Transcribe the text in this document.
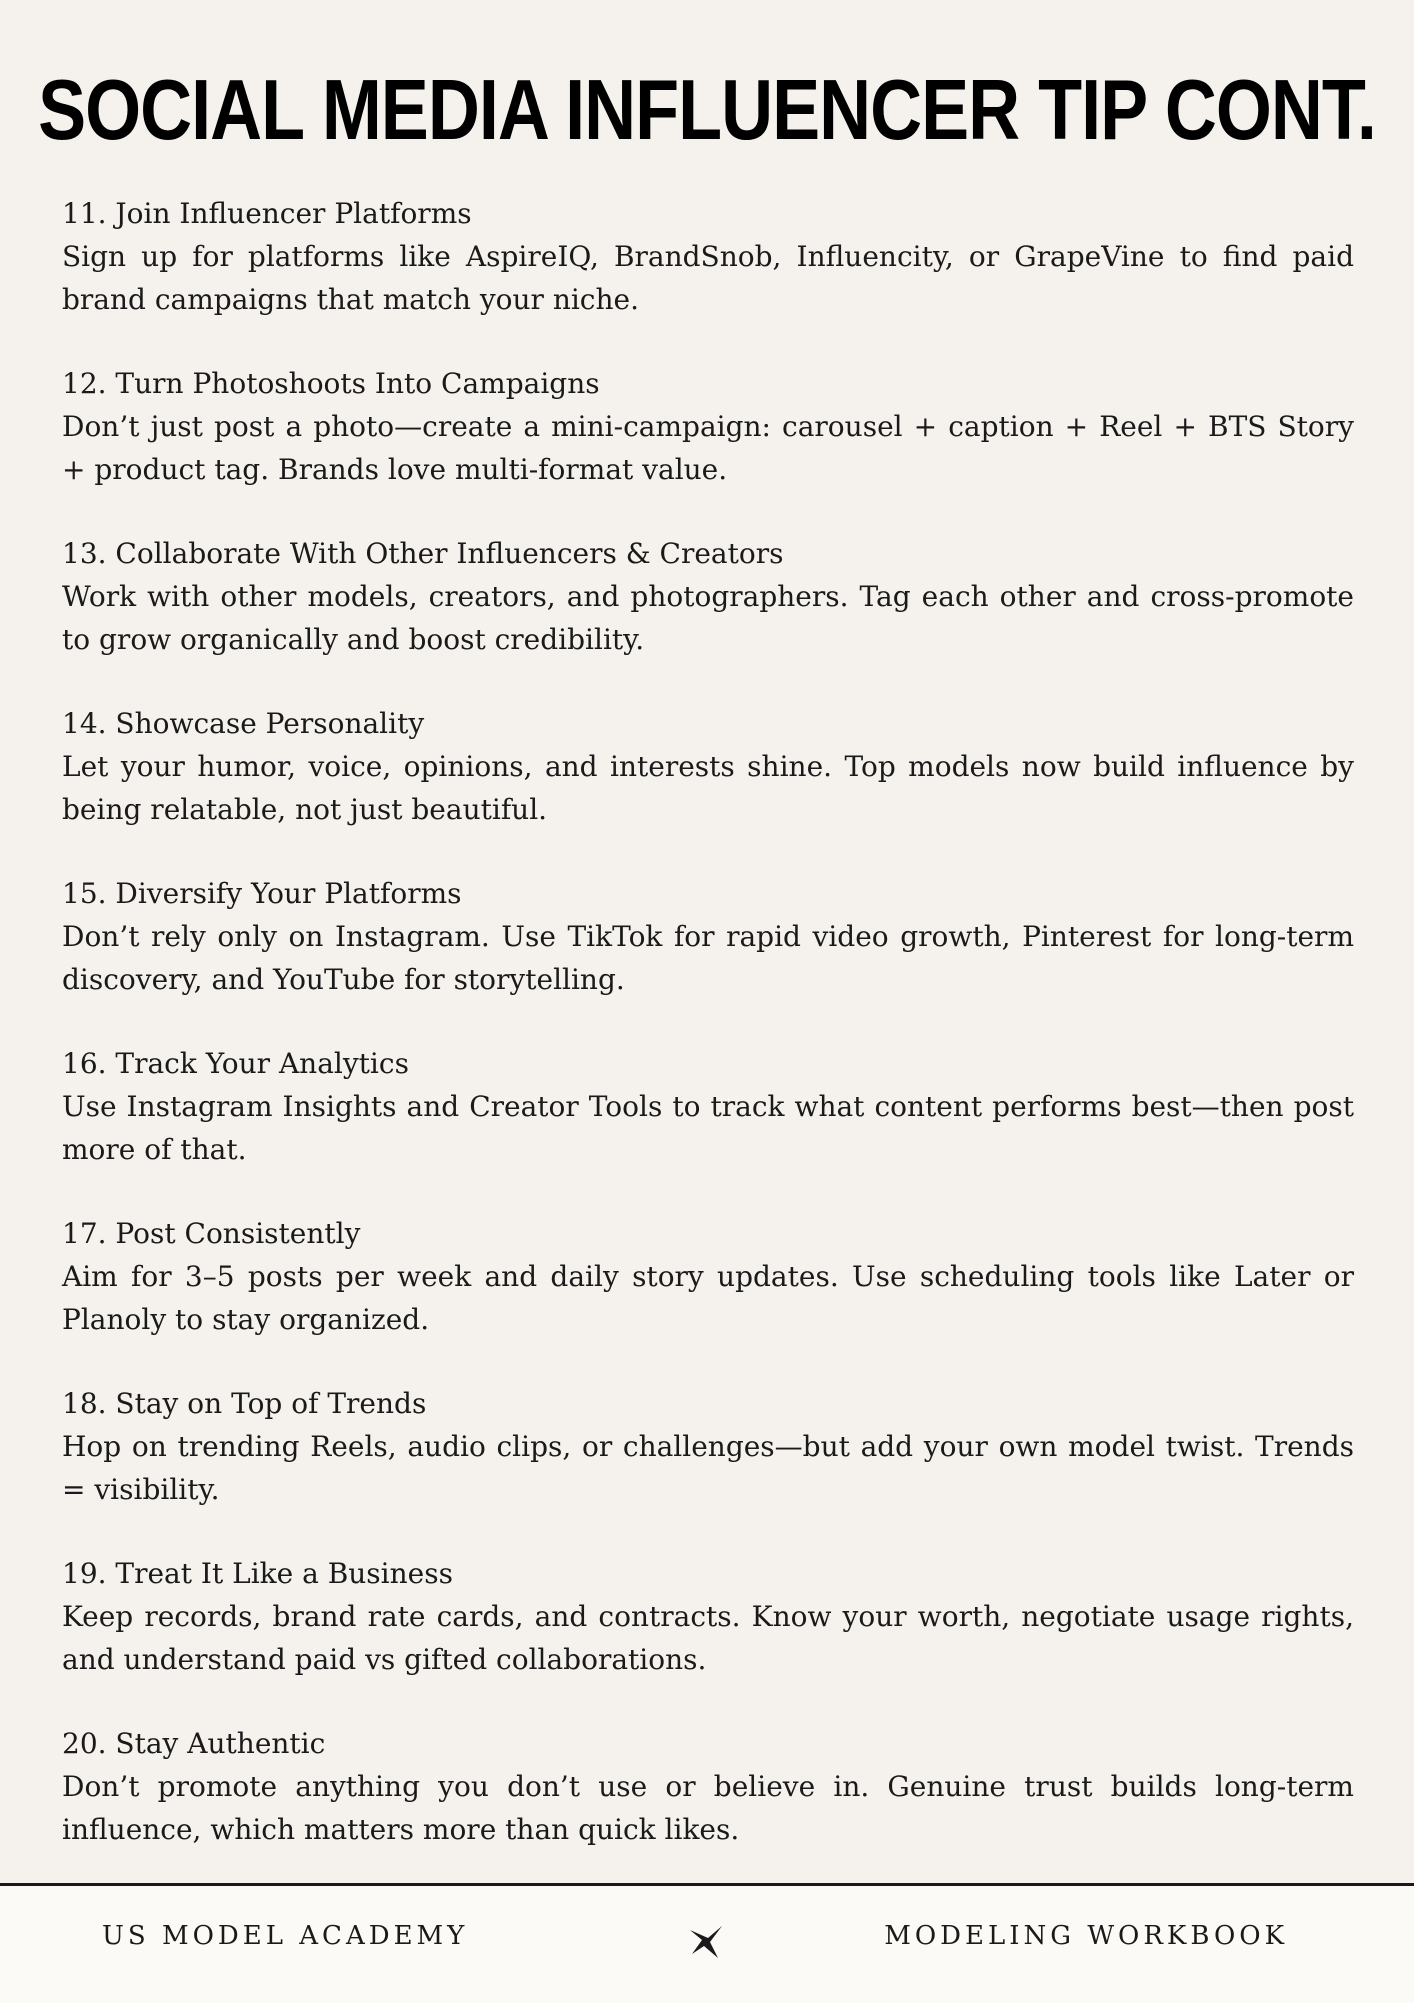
SOCIAL MEDIA INFLUENCER TIP CONT.
11. Join Influencer Platforms
Sign up for platforms like AspireIQ, BrandSnob, Influencity, or GrapeVine to find paid brand campaigns that match your niche.
12. Turn Photoshoots Into Campaigns
Don’t just post a photo—create a mini-campaign: carousel + caption + Reel + BTS Story + product tag. Brands love multi-format value.
13. Collaborate With Other Influencers & Creators
Work with other models, creators, and photographers. Tag each other and cross-promote to grow organically and boost credibility.
14. Showcase Personality
Let your humor, voice, opinions, and interests shine. Top models now build influence by being relatable, not just beautiful.
15. Diversify Your Platforms
Don’t rely only on Instagram. Use TikTok for rapid video growth, Pinterest for long-term discovery, and YouTube for storytelling.
16. Track Your Analytics
Use Instagram Insights and Creator Tools to track what content performs best—then post more of that.
17. Post Consistently
Aim for 3–5 posts per week and daily story updates. Use scheduling tools like Later or Planoly to stay organized.
18. Stay on Top of Trends
Hop on trending Reels, audio clips, or challenges—but add your own model twist. Trends = visibility.
19. Treat It Like a Business
Keep records, brand rate cards, and contracts. Know your worth, negotiate usage rights, and understand paid vs gifted collaborations.
20. Stay Authentic
Don’t promote anything you don’t use or believe in. Genuine trust builds long-term influence, which matters more than quick likes.
US MODEL ACADEMY	MODELING WORKBOOK
